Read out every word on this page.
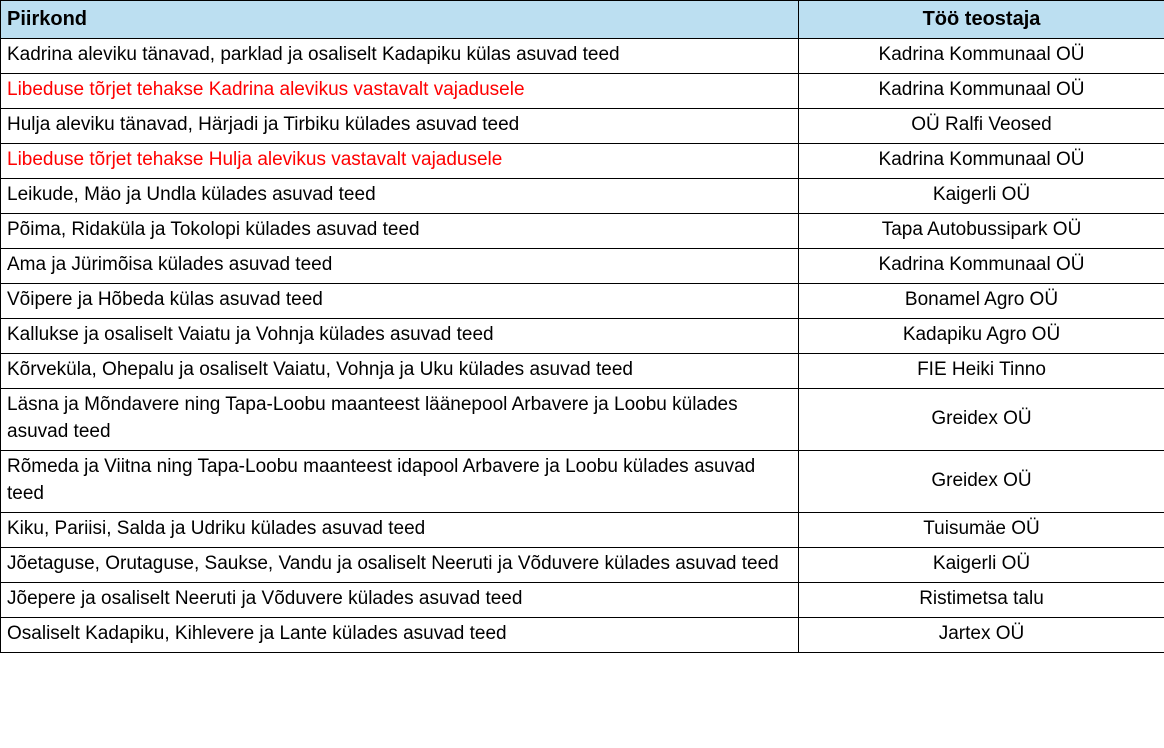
Piirkond	Töö teostaja
Kadrina aleviku tänavad, parklad ja osaliselt Kadapiku külas asuvad teed	Kadrina Kommunaal OÜ
Libeduse tõrjet tehakse Kadrina alevikus vastavalt vajadusele	Kadrina Kommunaal OÜ
Hulja aleviku tänavad, Härjadi ja Tirbiku külades asuvad teed	OÜ Ralfi Veosed
Libeduse tõrjet tehakse Hulja alevikus vastavalt vajadusele	Kadrina Kommunaal OÜ
Leikude, Mäo ja Undla külades asuvad teed	Kaigerli OÜ
Põima, Ridaküla ja Tokolopi külades asuvad teed	Tapa Autobussipark OÜ
Ama ja Jürimõisa külades asuvad teed	Kadrina Kommunaal OÜ
Võipere ja Hõbeda külas asuvad teed	Bonamel Agro OÜ
Kallukse ja osaliselt Vaiatu ja Vohnja külades asuvad teed	Kadapiku Agro OÜ
Kõrveküla, Ohepalu ja osaliselt Vaiatu, Vohnja ja Uku külades asuvad teed	FIE Heiki Tinno
Läsna ja Mõndavere ning Tapa-Loobu maanteest läänepool Arbavere ja Loobu külades asuvad teed	Greidex OÜ
Rõmeda ja Viitna ning Tapa-Loobu maanteest idapool Arbavere ja Loobu külades asuvad teed	Greidex OÜ
Kiku, Pariisi, Salda ja Udriku külades asuvad teed	Tuisumäe OÜ
Jõetaguse, Orutaguse, Saukse, Vandu ja osaliselt Neeruti ja Võduvere külades asuvad teed	Kaigerli OÜ
Jõepere ja osaliselt Neeruti ja Võduvere külades asuvad teed	Ristimetsa talu
Osaliselt Kadapiku, Kihlevere ja Lante külades asuvad teed	Jartex OÜ
